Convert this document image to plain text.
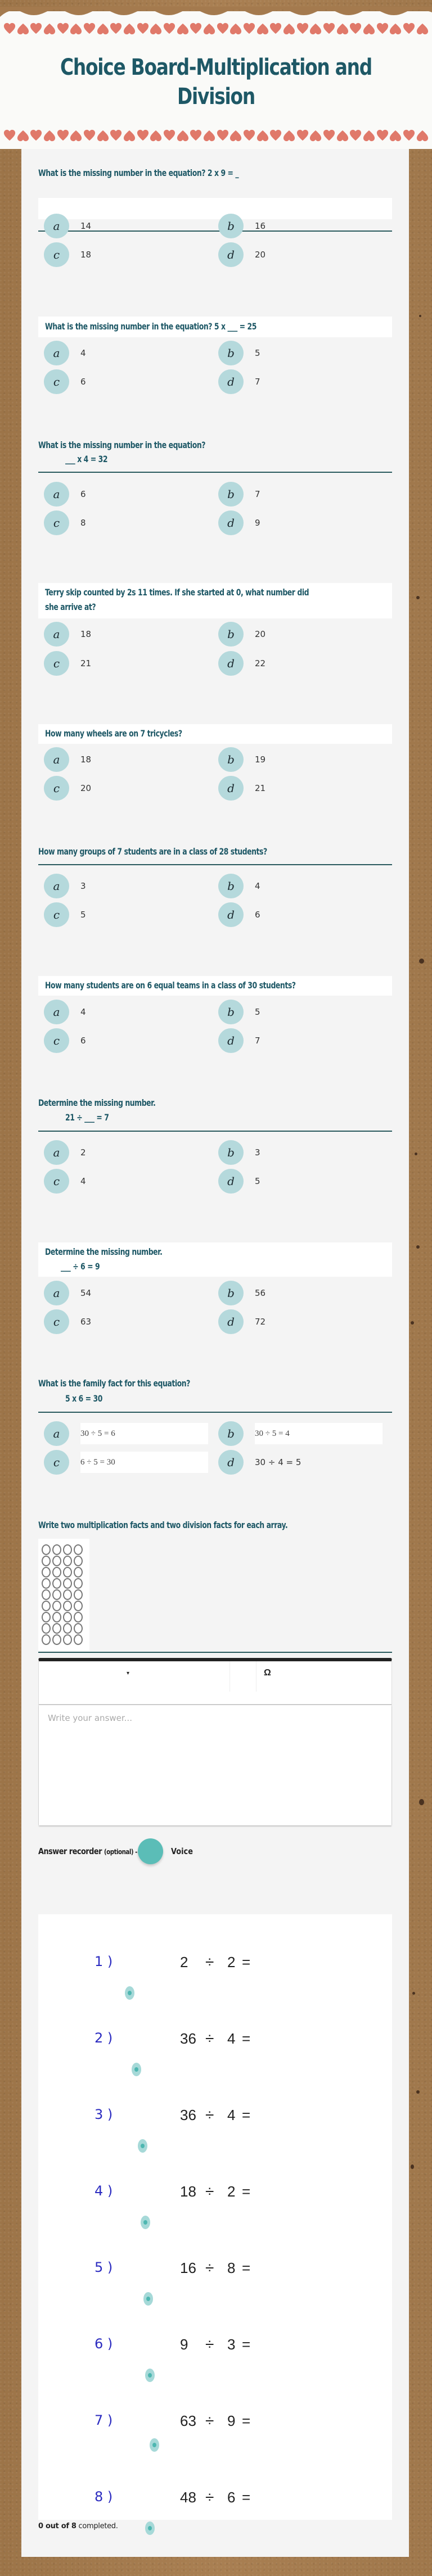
Choice Board-Multiplication and Division
What is the missing number in the equation? 2 x 9 = _
a	14	b	16
c	18	d	20
What is the missing number in the equation? 5 x ___ = 25
a	4	b	5
c	6	d	7
What is the missing number in the equation?
___ x 4 = 32
a	6	b	7
c	8	d	9
Terry skip counted by 2s 11 times. If she started at 0, what number did
she arrive at?
a	18	b	20
c	21	d	22
How many wheels are on 7 tricycles?
a	18	b	19
c	20	d	21
How many groups of 7 students are in a class of 28 students?
a	3	b	4
c	5	d	6
How many students are on 6 equal teams in a class of 30 students?
a	4	b	5
c	6	d	7
Determine the missing number.
21 ÷ ___ = 7
a	2	b	3
c	4	d	5
Determine the missing number.
___ ÷ 6 = 9
a	54	b	56
c	63	d	72
What is the family fact for this equation?
5 x 6 = 30
a	30 ÷ 5 = 6	b	30 ÷ 5 = 4
c	6 ÷ 5 = 30	d	30 ÷ 4 = 5
Write two multiplication facts and two division facts for each array.
▾	Ω
Write your answer...
Answer recorder (optional) -	Voice
1 )	2	÷ 2 =
2 )	36 ÷ 4 =
3 )	36 ÷ 4 =
4 )	18 ÷ 2 =
5 )	16 ÷ 8 =
6 )	9	÷ 3 =
7 )	63 ÷ 9 =
8 )	48 ÷ 6 =
0 out of 8 completed.
